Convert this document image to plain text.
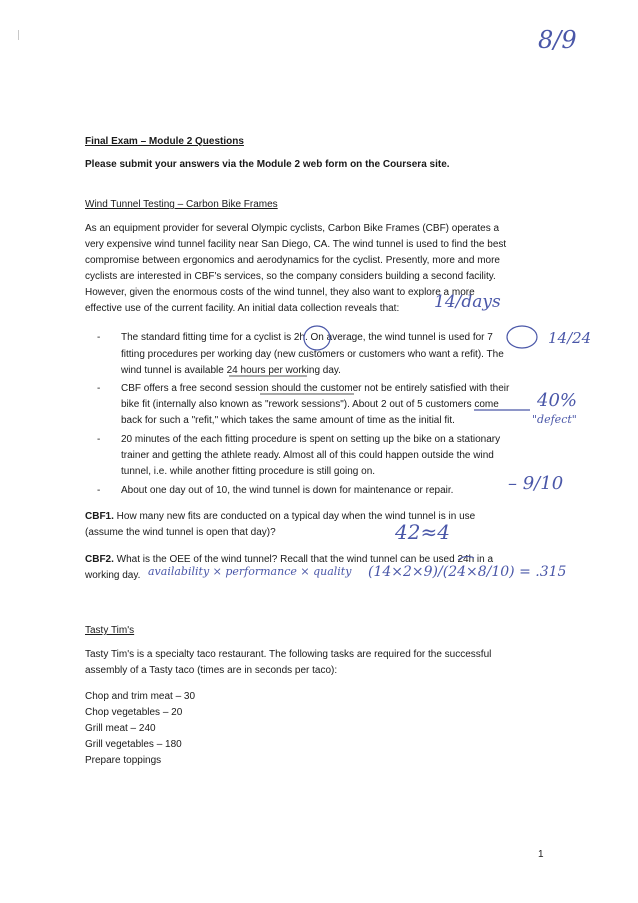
8/9
Final Exam – Module 2 Questions
Please submit your answers via the Module 2 web form on the Coursera site.
Wind Tunnel Testing – Carbon Bike Frames
As an equipment provider for several Olympic cyclists, Carbon Bike Frames (CBF) operates a
very expensive wind tunnel facility near San Diego, CA. The wind tunnel is used to find the best
compromise between ergonomics and aerodynamics for the cyclist. Presently, more and more
cyclists are interested in CBF's services, so the company considers building a second facility.
However, given the enormous costs of the wind tunnel, they also want to explore a more
effective use of the current facility. An initial data collection reveals that: 14/days
- The standard fitting time for a cyclist is 2h. On average, the wind tunnel is used for 7
fitting procedures per working day (new customers or customers who want a refit). The
wind tunnel is available 24 hours per working day.
14/24
- CBF offers a free second session should the customer not be entirely satisfied with their
bike fit (internally also known as "rework sessions"). About 2 out of 5 customers come
back for such a "refit," which takes the same amount of time as the initial fit.
40%
"defect"
- 20 minutes of the each fitting procedure is spent on setting up the bike on a stationary
trainer and getting the athlete ready. Almost all of this could happen outside the wind
tunnel, i.e. while another fitting procedure is still going on.
- About one day out of 10, the wind tunnel is down for maintenance or repair.	– 9/10
CBF1. How many new fits are conducted on a typical day when the wind tunnel is in use
(assume the wind tunnel is open that day)?	42≈4
CBF2. What is the OEE of the wind tunnel? Recall that the wind tunnel can be used 24h in a
working day. availability × performance × quality (14×2×9)/(24×8/10) = .315
Tasty Tim's
Tasty Tim's is a specialty taco restaurant. The following tasks are required for the successful
assembly of a Tasty taco (times are in seconds per taco):
Chop and trim meat – 30
Chop vegetables – 20
Grill meat – 240
Grill vegetables – 180
Prepare toppings
1
